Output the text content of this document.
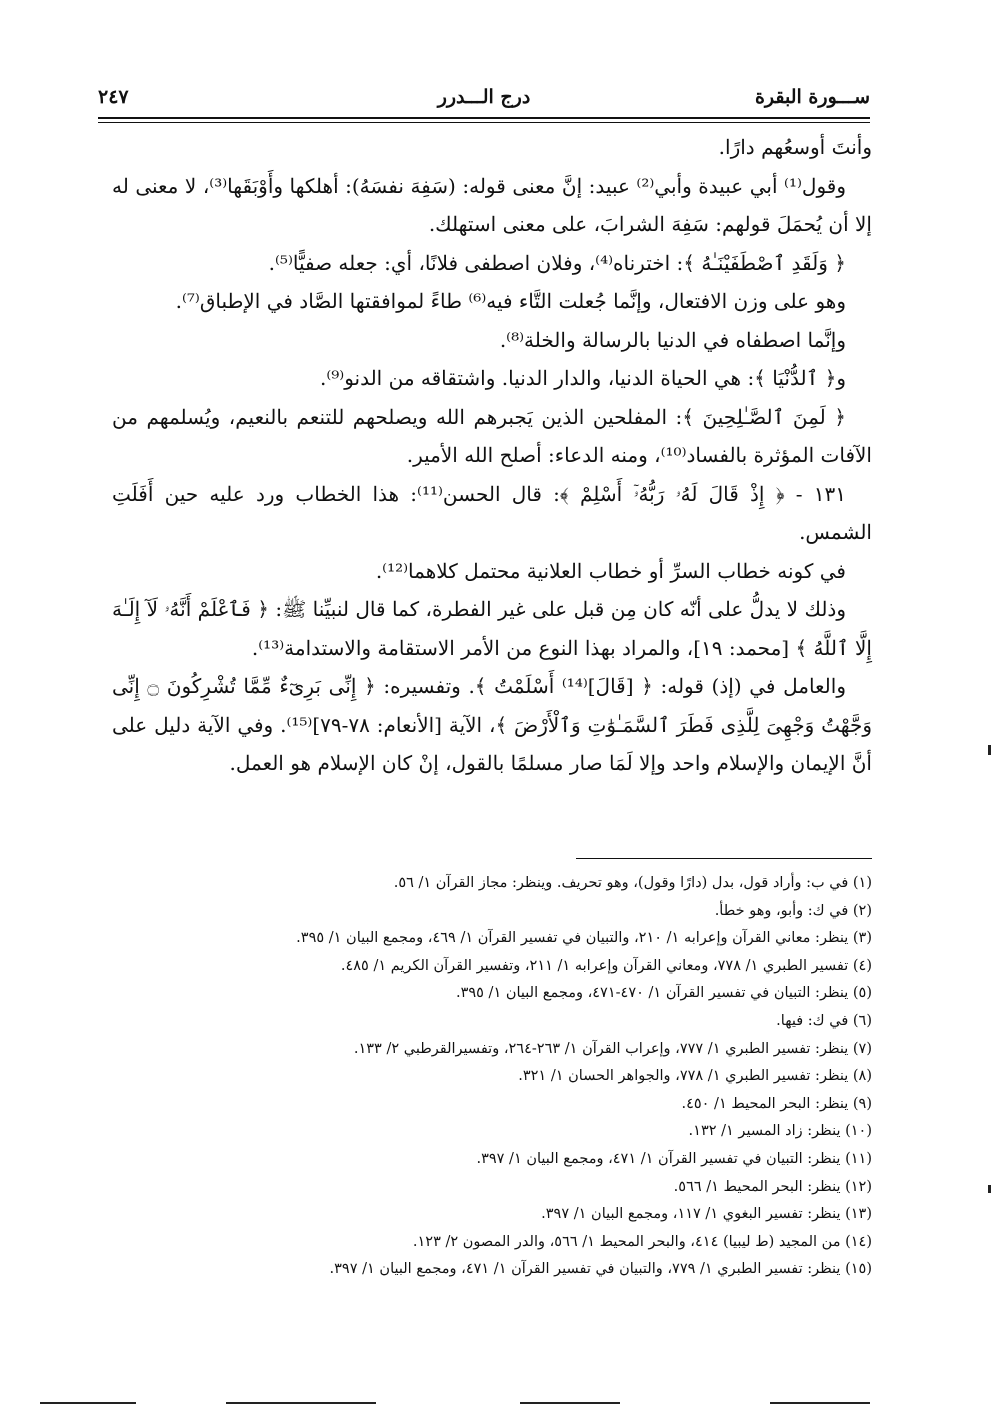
ســـورة البقرة
درج الـــدرر
٢٤٧

وأنتَ أوسعُهم دارًا.

وقول⁽¹⁾ أبي عبيدة وأبي⁽²⁾ عبيد: إنَّ معنى قوله: (سَفِهَ نفسَهُ): أهلكها وأَوْبَقَها⁽³⁾، لا معنى له إلا أن يُحمَلَ قولهم: سَفِهَ الشرابَ، على معنى استهلك.

﴿ وَلَقَدِ ٱصْطَفَيْنَـٰهُ ﴾: اخترناه⁽⁴⁾، وفلان اصطفى فلانًا، أي: جعله صفيًّا⁽⁵⁾.

وهو على وزن الافتعال، وإنَّما جُعلت التَّاء فيه⁽⁶⁾ طاءً لموافقتها الصَّاد في الإطباق⁽⁷⁾.

وإنَّما اصطفاه في الدنيا بالرسالة والخلة⁽⁸⁾.

و﴿ ٱلدُّنْيَا ﴾: هي الحياة الدنيا، والدار الدنيا. واشتقاقه من الدنو⁽⁹⁾.

﴿ لَمِنَ ٱلصَّـٰلِحِينَ ﴾: المفلحين الذين يَجبرهم الله ويصلحهم للتنعم بالنعيم، ويُسلمهم من الآفات المؤثرة بالفساد⁽¹⁰⁾، ومنه الدعاء: أصلح الله الأمير.

١٣١ - ﴿ إِذْ قَالَ لَهُۥ رَبُّهُۥٓ أَسْلِمْ ﴾: قال الحسن⁽¹¹⁾: هذا الخطاب ورد عليه حين أَفَلَتِ الشمس.

في كونه خطاب السرِّ أو خطاب العلانية محتمل كلاهما⁽¹²⁾.

وذلك لا يدلُّ على أنّه كان مِن قبل على غير الفطرة، كما قال لنبيِّنا ﷺ: ﴿ فَٱعْلَمْ أَنَّهُۥ لَآ إِلَـٰهَ إِلَّا ٱللَّهُ ﴾ [محمد: ١٩]، والمراد بهذا النوع من الأمر الاستقامة والاستدامة⁽¹³⁾.

والعامل في (إذ) قوله: ﴿ [قَالَ]⁽¹⁴⁾ أَسْلَمْتُ ﴾. وتفسيره: ﴿ إِنِّى بَرِىٓءٌ مِّمَّا تُشْرِكُونَ ۝ إِنِّى وَجَّهْتُ وَجْهِىَ لِلَّذِى فَطَرَ ٱلسَّمَـٰوَٰتِ وَٱلْأَرْضَ ﴾، الآية [الأنعام: ٧٨-٧٩]⁽¹⁵⁾. وفي الآية دليل على أنَّ الإيمان والإسلام واحد وإلا لَمَا صار مسلمًا بالقول، إنْ كان الإسلام هو العمل.

(١) في ب: وأراد قول، بدل (دارًا وقول)، وهو تحريف. وينظر: مجاز القرآن ١/ ٥٦.
(٢) في ك: وأبو، وهو خطأ.
(٣) ينظر: معاني القرآن وإعرابه ١/ ٢١٠، والتبيان في تفسير القرآن ١/ ٤٦٩، ومجمع البيان ١/ ٣٩٥.
(٤) تفسير الطبري ١/ ٧٧٨، ومعاني القرآن وإعرابه ١/ ٢١١، وتفسير القرآن الكريم ١/ ٤٨٥.
(٥) ينظر: التبيان في تفسير القرآن ١/ ٤٧٠-٤٧١، ومجمع البيان ١/ ٣٩٥.
(٦) في ك: فيها.
(٧) ينظر: تفسير الطبري ١/ ٧٧٧، وإعراب القرآن ١/ ٢٦٣-٢٦٤، وتفسيرالقرطبي ٢/ ١٣٣.
(٨) ينظر: تفسير الطبري ١/ ٧٧٨، والجواهر الحسان ١/ ٣٢١.
(٩) ينظر: البحر المحيط ١/ ٤٥٠.
(١٠) ينظر: زاد المسير ١/ ١٣٢.
(١١) ينظر: التبيان في تفسير القرآن ١/ ٤٧١، ومجمع البيان ١/ ٣٩٧.
(١٢) ينظر: البحر المحيط ١/ ٥٦٦.
(١٣) ينظر: تفسير البغوي ١/ ١١٧، ومجمع البيان ١/ ٣٩٧.
(١٤) من المجيد (ط ليبيا) ٤١٤، والبحر المحيط ١/ ٥٦٦، والدر المصون ٢/ ١٢٣.
(١٥) ينظر: تفسير الطبري ١/ ٧٧٩، والتبيان في تفسير القرآن ١/ ٤٧١، ومجمع البيان ١/ ٣٩٧.
